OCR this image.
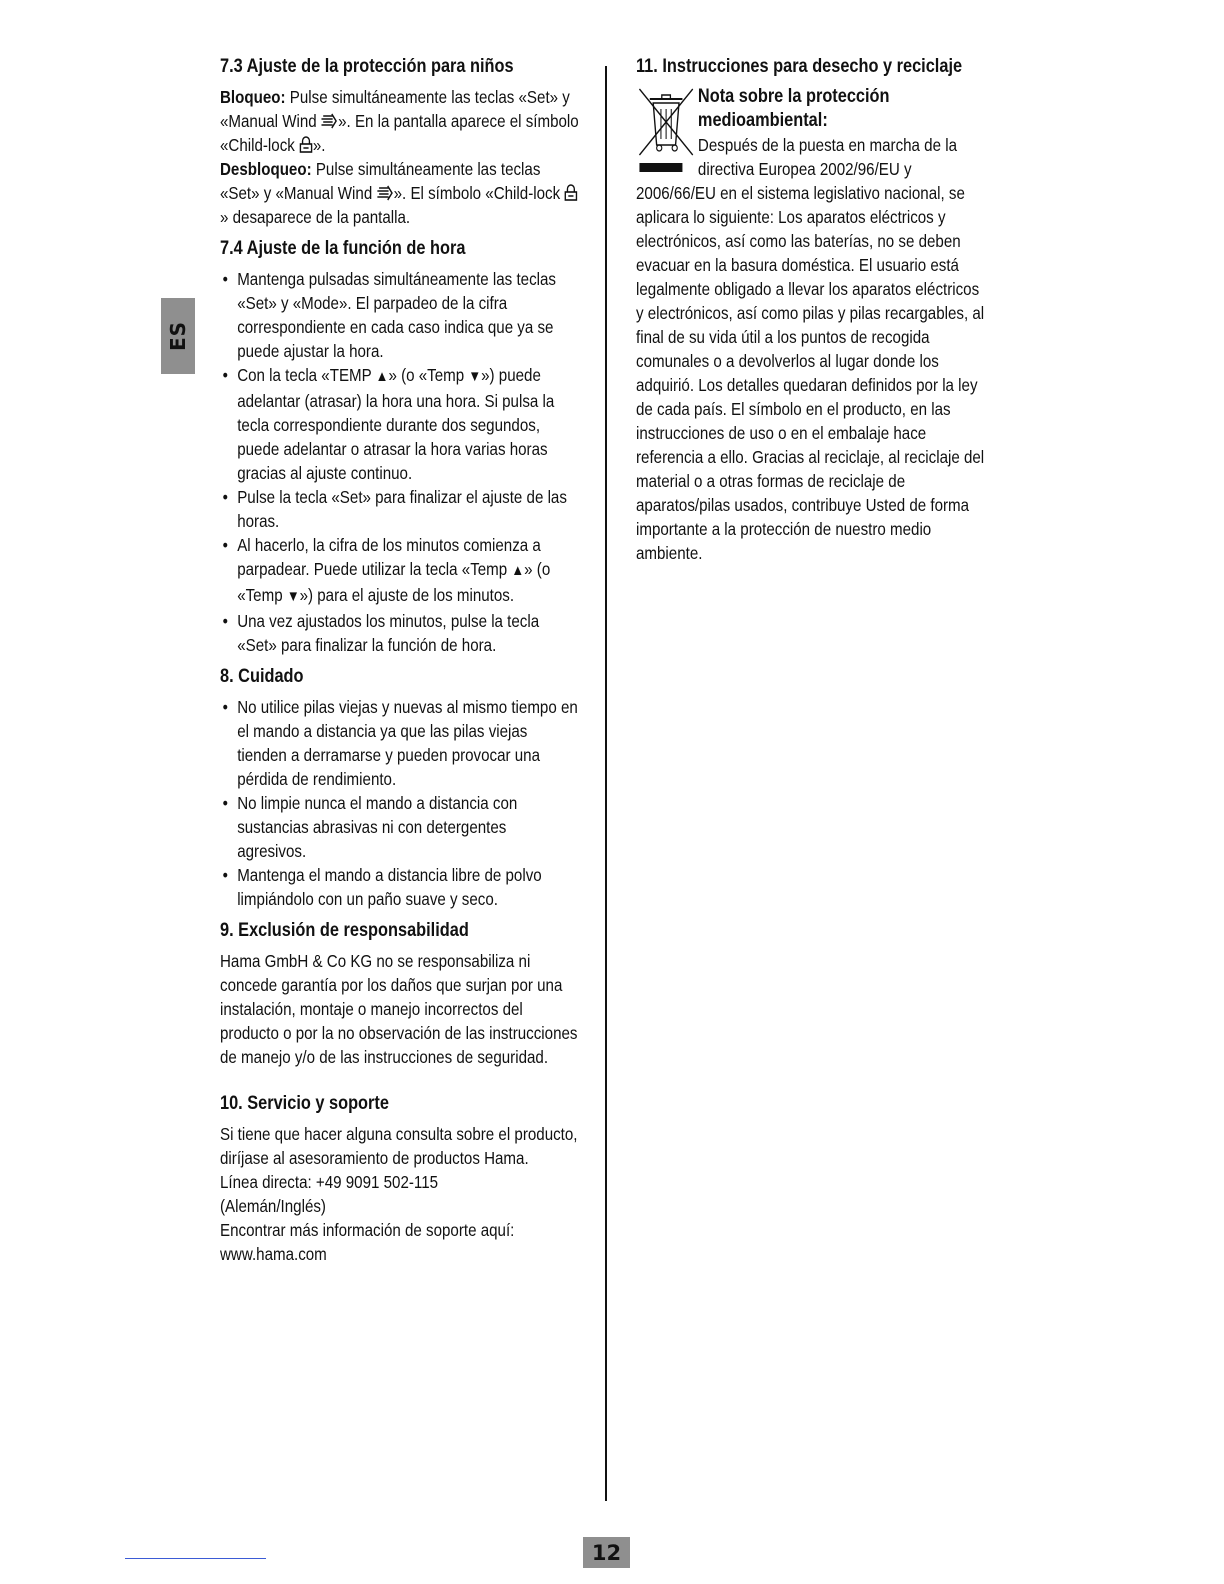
ES
7.3 Ajuste de la protección para niños

Bloqueo: Pulse simultáneamente las teclas «Set» y «Manual Wind ». En la pantalla aparece el símbolo «Child-lock ».

Desbloqueo: Pulse simultáneamente las teclas «Set» y «Manual Wind ». El símbolo «Child-lock » desaparece de la pantalla.

7.4 Ajuste de la función de hora
• Mantenga pulsadas simultáneamente las teclas «Set» y «Mode». El parpadeo de la cifra correspondiente en cada caso indica que ya se puede ajustar la hora.
• Con la tecla «TEMP ▲» (o «Temp ▼») puede adelantar (atrasar) la hora una hora. Si pulsa la tecla correspondiente durante dos segundos, puede adelantar o atrasar la hora varias horas gracias al ajuste continuo.
• Pulse la tecla «Set» para finalizar el ajuste de las horas.
• Al hacerlo, la cifra de los minutos comienza a parpadear. Puede utilizar la tecla «Temp ▲» (o «Temp ▼») para el ajuste de los minutos.
• Una vez ajustados los minutos, pulse la tecla «Set» para finalizar la función de hora.
8. Cuidado
• No utilice pilas viejas y nuevas al mismo tiempo en el mando a distancia ya que las pilas viejas tienden a derramarse y pueden provocar una pérdida de rendimiento.
• No limpie nunca el mando a distancia con sustancias abrasivas ni con detergentes agresivos.
• Mantenga el mando a distancia libre de polvo limpiándolo con un paño suave y seco.
9. Exclusión de responsabilidad

Hama GmbH & Co KG no se responsabiliza ni concede garantía por los daños que surjan por una instalación, montaje o manejo incorrectos del producto o por la no observación de las instrucciones de manejo y/o de las instrucciones de seguridad.

10. Servicio y soporte

Si tiene que hacer alguna consulta sobre el producto, diríjase al asesoramiento de productos Hama.

Línea directa: +49 9091 502-115

(Alemán/Inglés)

Encontrar más información de soporte aquí:

www.hama.com

11. Instrucciones para desecho y reciclaje

Nota sobre la protección medioambiental:

Después de la puesta en marcha de la directiva Europea 2002/96/EU y 2006/66/EU en el sistema legislativo nacional, se aplicara lo siguiente: Los aparatos eléctricos y electrónicos, así como las baterías, no se deben evacuar en la basura doméstica. El usuario está legalmente obligado a llevar los aparatos eléctricos y electrónicos, así como pilas y pilas recargables, al final de su vida útil a los puntos de recogida comunales o a devolverlos al lugar donde los adquirió. Los detalles quedaran definidos por la ley de cada país. El símbolo en el producto, en las instrucciones de uso o en el embalaje hace referencia a ello. Gracias al reciclaje, al reciclaje del material o a otras formas de reciclaje de aparatos/pilas usados, contribuye Usted de forma importante a la protección de nuestro medio ambiente.

12
